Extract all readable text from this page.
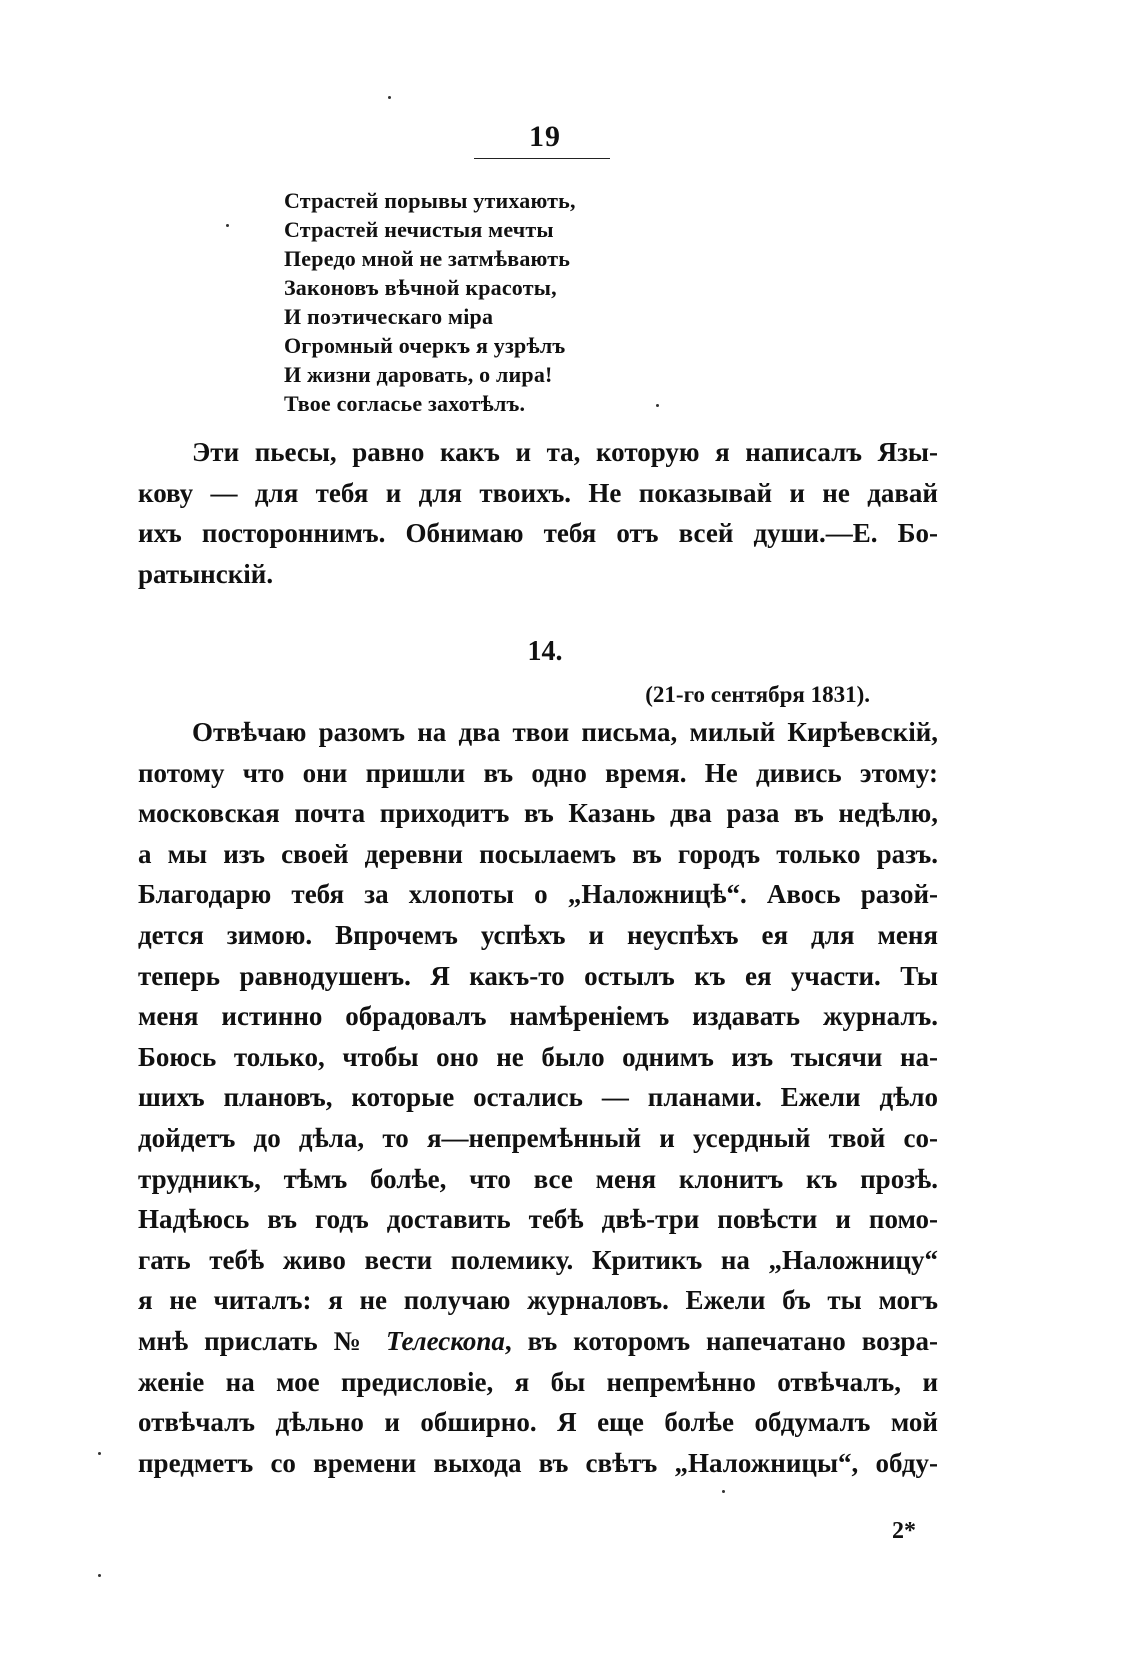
19
Страстей порывы утихають,
Страстей нечистыя мечты
Передо мной не затмѣвають
Законовъ вѣчной красоты,
И поэтическаго міра
Огромный очеркъ я узрѣлъ
И жизни даровать, о лира!
Твое согласье захотѣлъ.
Эти пьесы, равно какъ и та, которую я написалъ Язы-
кову — для тебя и для твоихъ. Не показывай и не давай
ихъ постороннимъ. Обнимаю тебя отъ всей души.—Е. Бо-
ратынскій.
14.
(21-го сентября 1831).
Отвѣчаю разомъ на два твои письма, милый Кирѣевскій,
потому что они пришли въ одно время. Не дивись этому:
московская почта приходитъ въ Казань два раза въ недѣлю,
а мы изъ своей деревни посылаемъ въ городъ только разъ.
Благодарю тебя за хлопоты о „Наложницѣ“. Авось разой-
дется зимою. Впрочемъ успѣхъ и неуспѣхъ ея для меня
теперь равнодушенъ. Я какъ-то остылъ къ ея участи. Ты
меня истинно обрадовалъ намѣреніемъ издавать журналъ.
Боюсь только, чтобы оно не было однимъ изъ тысячи на-
шихъ плановъ, которые остались — планами. Ежели дѣло
дойдетъ до дѣла, то я—непремѣнный и усердный твой со-
трудникъ, тѣмъ болѣе, что все меня клонитъ къ прозѣ.
Надѣюсь въ годъ доставить тебѣ двѣ-три повѣсти и помо-
гать тебѣ живо вести полемику. Критикъ на „Наложницу“
я не читалъ: я не получаю журналовъ. Ежели бъ ты могъ
мнѣ прислать № Телескопа, въ которомъ напечатано возра-
женіе на мое предисловіе, я бы непремѣнно отвѣчалъ, и
отвѣчалъ дѣльно и обширно. Я еще болѣе обдумалъ мой
предметъ со времени выхода въ свѣтъ „Наложницы“, обду-
2*
